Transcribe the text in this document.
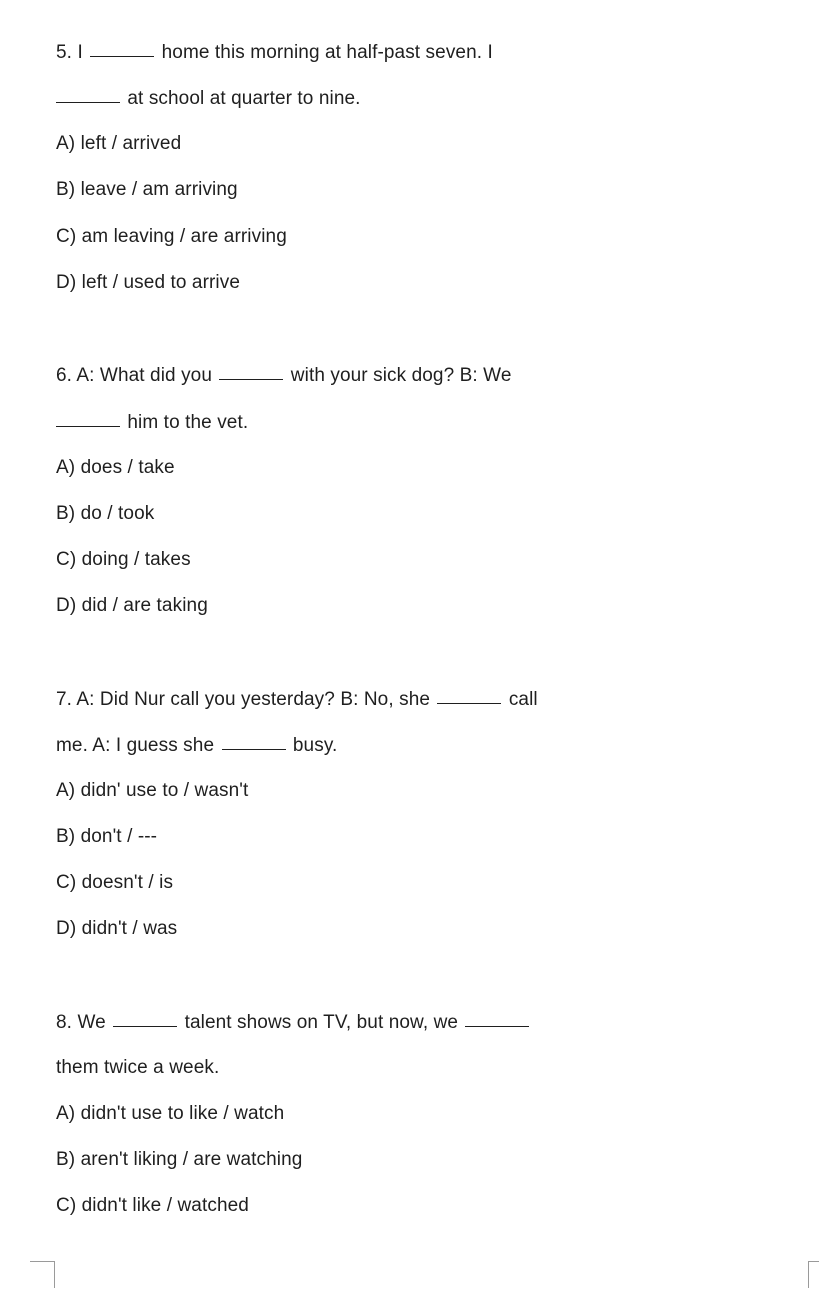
5. I	home this morning at half-past seven. I
at school at quarter to nine.
A) left / arrived
B) leave / am arriving
C) am leaving / are arriving
D) left / used to arrive
6. A: What did you	with your sick dog? B: We
him to the vet.
A) does / take
B) do / took
C) doing / takes
D) did / are taking
7. A: Did Nur call you yesterday? B: No, she	call
me. A: I guess she	busy.
A) didn' use to / wasn't
B) don't / ---
C) doesn't / is
D) didn't / was
8. We	talent shows on TV, but now, we
them twice a week.
A) didn't use to like / watch
B) aren't liking / are watching
C) didn't like / watched
